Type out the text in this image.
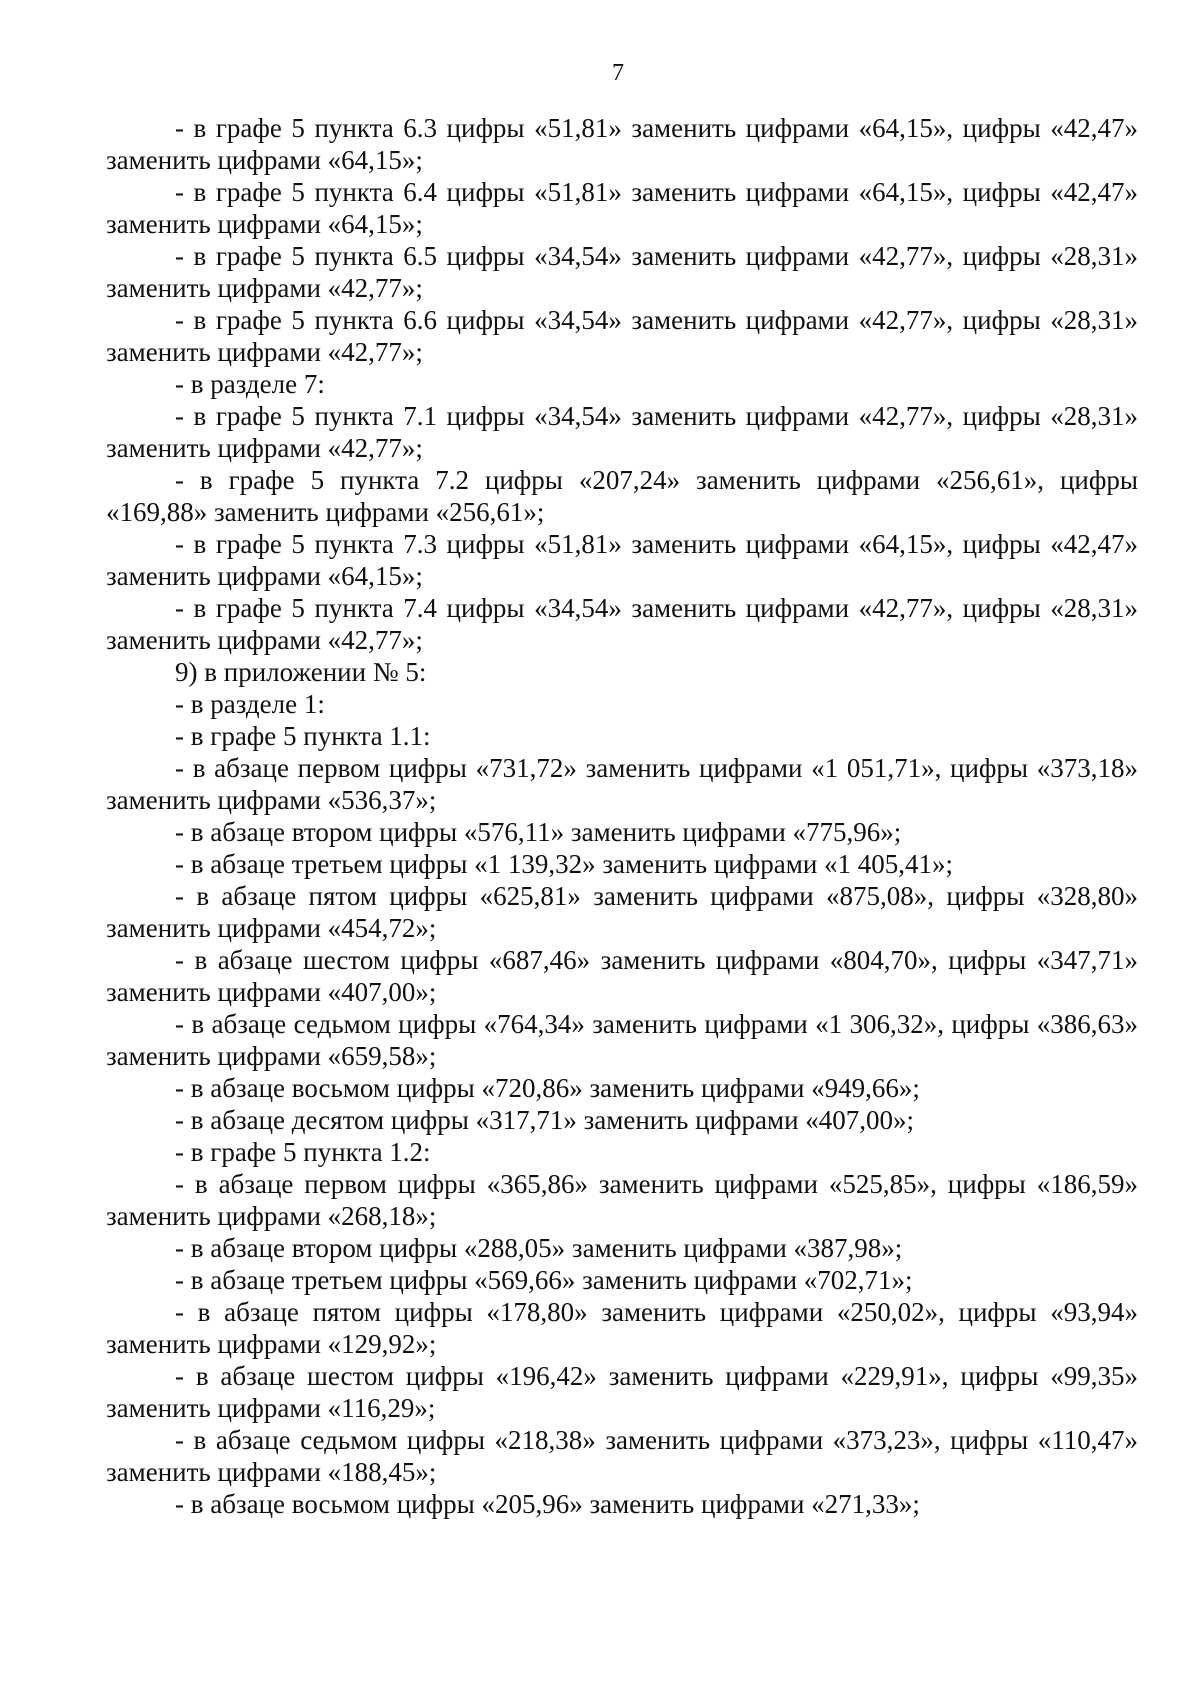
7

- в графе 5 пункта 6.3 цифры «51,81» заменить цифрами «64,15», цифры «42,47» заменить цифрами «64,15»;

- в графе 5 пункта 6.4 цифры «51,81» заменить цифрами «64,15», цифры «42,47» заменить цифрами «64,15»;

- в графе 5 пункта 6.5 цифры «34,54» заменить цифрами «42,77», цифры «28,31» заменить цифрами «42,77»;

- в графе 5 пункта 6.6 цифры «34,54» заменить цифрами «42,77», цифры «28,31» заменить цифрами «42,77»;

- в разделе 7:

- в графе 5 пункта 7.1 цифры «34,54» заменить цифрами «42,77», цифры «28,31» заменить цифрами «42,77»;

- в графе 5 пункта 7.2 цифры «207,24» заменить цифрами «256,61», цифры «169,88» заменить цифрами «256,61»;

- в графе 5 пункта 7.3 цифры «51,81» заменить цифрами «64,15», цифры «42,47» заменить цифрами «64,15»;

- в графе 5 пункта 7.4 цифры «34,54» заменить цифрами «42,77», цифры «28,31» заменить цифрами «42,77»;

9) в приложении № 5:

- в разделе 1:

- в графе 5 пункта 1.1:

- в абзаце первом цифры «731,72» заменить цифрами «1 051,71», цифры «373,18» заменить цифрами «536,37»;

- в абзаце втором цифры «576,11» заменить цифрами «775,96»;

- в абзаце третьем цифры «1 139,32» заменить цифрами «1 405,41»;

- в абзаце пятом цифры «625,81» заменить цифрами «875,08», цифры «328,80» заменить цифрами «454,72»;

- в абзаце шестом цифры «687,46» заменить цифрами «804,70», цифры «347,71» заменить цифрами «407,00»;

- в абзаце седьмом цифры «764,34» заменить цифрами «1 306,32», цифры «386,63» заменить цифрами «659,58»;

- в абзаце восьмом цифры «720,86» заменить цифрами «949,66»;

- в абзаце десятом цифры «317,71» заменить цифрами «407,00»;

- в графе 5 пункта 1.2:

- в абзаце первом цифры «365,86» заменить цифрами «525,85», цифры «186,59» заменить цифрами «268,18»;

- в абзаце втором цифры «288,05» заменить цифрами «387,98»;

- в абзаце третьем цифры «569,66» заменить цифрами «702,71»;

- в абзаце пятом цифры «178,80» заменить цифрами «250,02», цифры «93,94» заменить цифрами «129,92»;

- в абзаце шестом цифры «196,42» заменить цифрами «229,91», цифры «99,35» заменить цифрами «116,29»;

- в абзаце седьмом цифры «218,38» заменить цифрами «373,23», цифры «110,47» заменить цифрами «188,45»;

- в абзаце восьмом цифры «205,96» заменить цифрами «271,33»;
